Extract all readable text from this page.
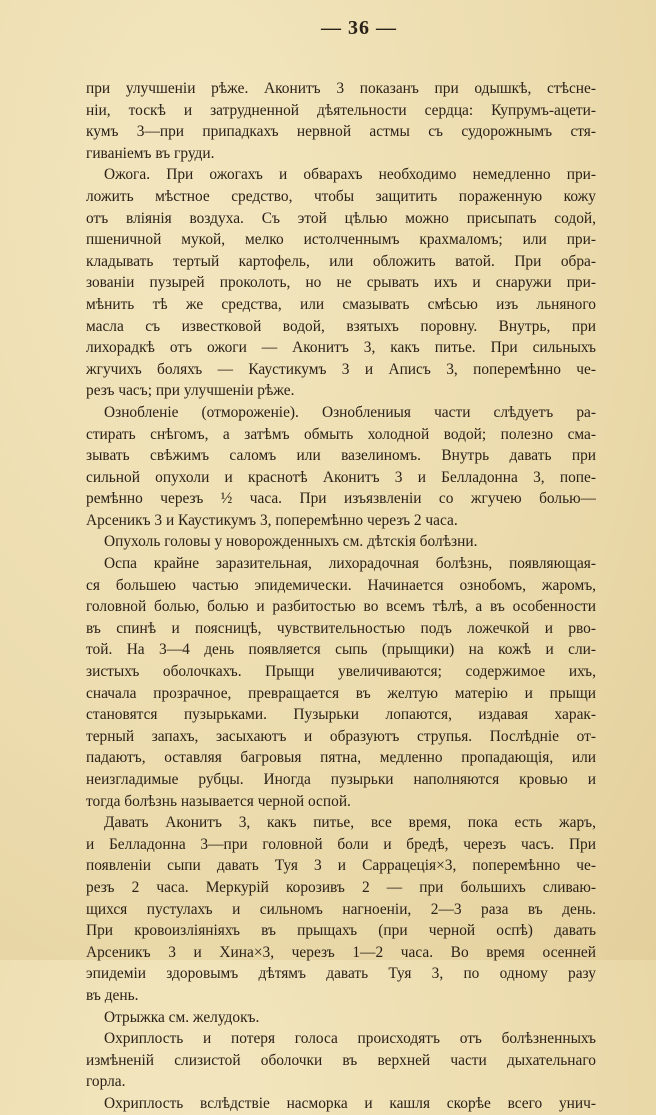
— 36 —
при улучшеніи рѣже. Аконитъ 3 показанъ при одышкѣ, стѣсне-
ніи, тоскѣ и затрудненной дѣятельности сердца: Купрумъ-ацети-
кумъ 3—при припадкахъ нервной астмы съ судорожнымъ стя-
гиваніемъ въ груди.
Ожога. При ожогахъ и обварахъ необходимо немедленно при-
ложить мѣстное средство, чтобы защитить пораженную кожу
отъ вліянія воздуха. Съ этой цѣлью можно присыпать содой,
пшеничной мукой, мелко истолченнымъ крахмаломъ; или при-
кладывать тертый картофель, или обложить ватой. При обра-
зованіи пузырей проколоть, но не срывать ихъ и снаружи при-
мѣнить тѣ же средства, или смазывать смѣсью изъ льняного
масла съ известковой водой, взятыхъ поровну. Внутрь, при
лихорадкѣ отъ ожоги — Аконитъ 3, какъ питье. При сильныхъ
жгучихъ боляхъ — Каустикумъ 3 и Аписъ 3, поперемѣнно че-
резъ часъ; при улучшеніи рѣже.
Ознобленіе (отмороженіе). Озноблениыя части слѣдуетъ ра-
стирать снѣгомъ, а затѣмъ обмыть холодной водой; полезно сма-
зывать свѣжимъ саломъ или вазелиномъ. Внутрь давать при
сильной опухоли и краснотѣ Аконитъ 3 и Белладонна 3, попе-
ремѣнно черезъ ½ часа. При изъязвленіи со жгучею болью—
Арсеникъ 3 и Каустикумъ 3, поперемѣнно черезъ 2 часа.
Опухоль головы у новорожденныхъ см. дѣтскія болѣзни.
Оспа крайне заразительная, лихорадочная болѣзнь, появляющая-
ся большею частью эпидемически. Начинается ознобомъ, жаромъ,
головной болью, болью и разбитостью во всемъ тѣлѣ, а въ особенности
въ спинѣ и поясницѣ, чувствительностью подъ ложечкой и рво-
той. На 3—4 день появляется сыпь (прыщики) на кожѣ и сли-
зистыхъ оболочкахъ. Прыщи увеличиваются; содержимое ихъ,
сначала прозрачное, превращается въ желтую матерію и прыщи
становятся пузырьками. Пузырьки лопаются, издавая харак-
терный запахъ, засыхаютъ и образуютъ струпья. Послѣдніе от-
падаютъ, оставляя багровыя пятна, медленно пропадающія, или
неизгладимые рубцы. Иногда пузырьки наполняются кровью и
тогда болѣзнь называется черной оспой.
Давать Аконитъ 3, какъ питье, все время, пока есть жаръ,
и Белладонна 3—при головной боли и бредѣ, черезъ часъ. При
появленіи сыпи давать Туя 3 и Саррацеція×3, поперемѣнно че-
резъ 2 часа. Меркурій корозивъ 2 — при большихъ сливаю-
щихся пустулахъ и сильномъ нагноеніи, 2—3 раза въ день.
При кровоизліяніяхъ въ прыщахъ (при черной оспѣ) давать
Арсеникъ 3 и Хина×3, черезъ 1—2 часа. Во время осенней
эпидеміи здоровымъ дѣтямъ давать Туя 3, по одному разу
въ день.
Отрыжка см. желудокъ.
Охриплость и потеря голоса происходятъ отъ болѣзненныхъ
измѣненій слизистой оболочки въ верхней части дыхательнаго
горла.
Охриплость вслѣдствіе насморка и кашля скорѣе всего унич-
